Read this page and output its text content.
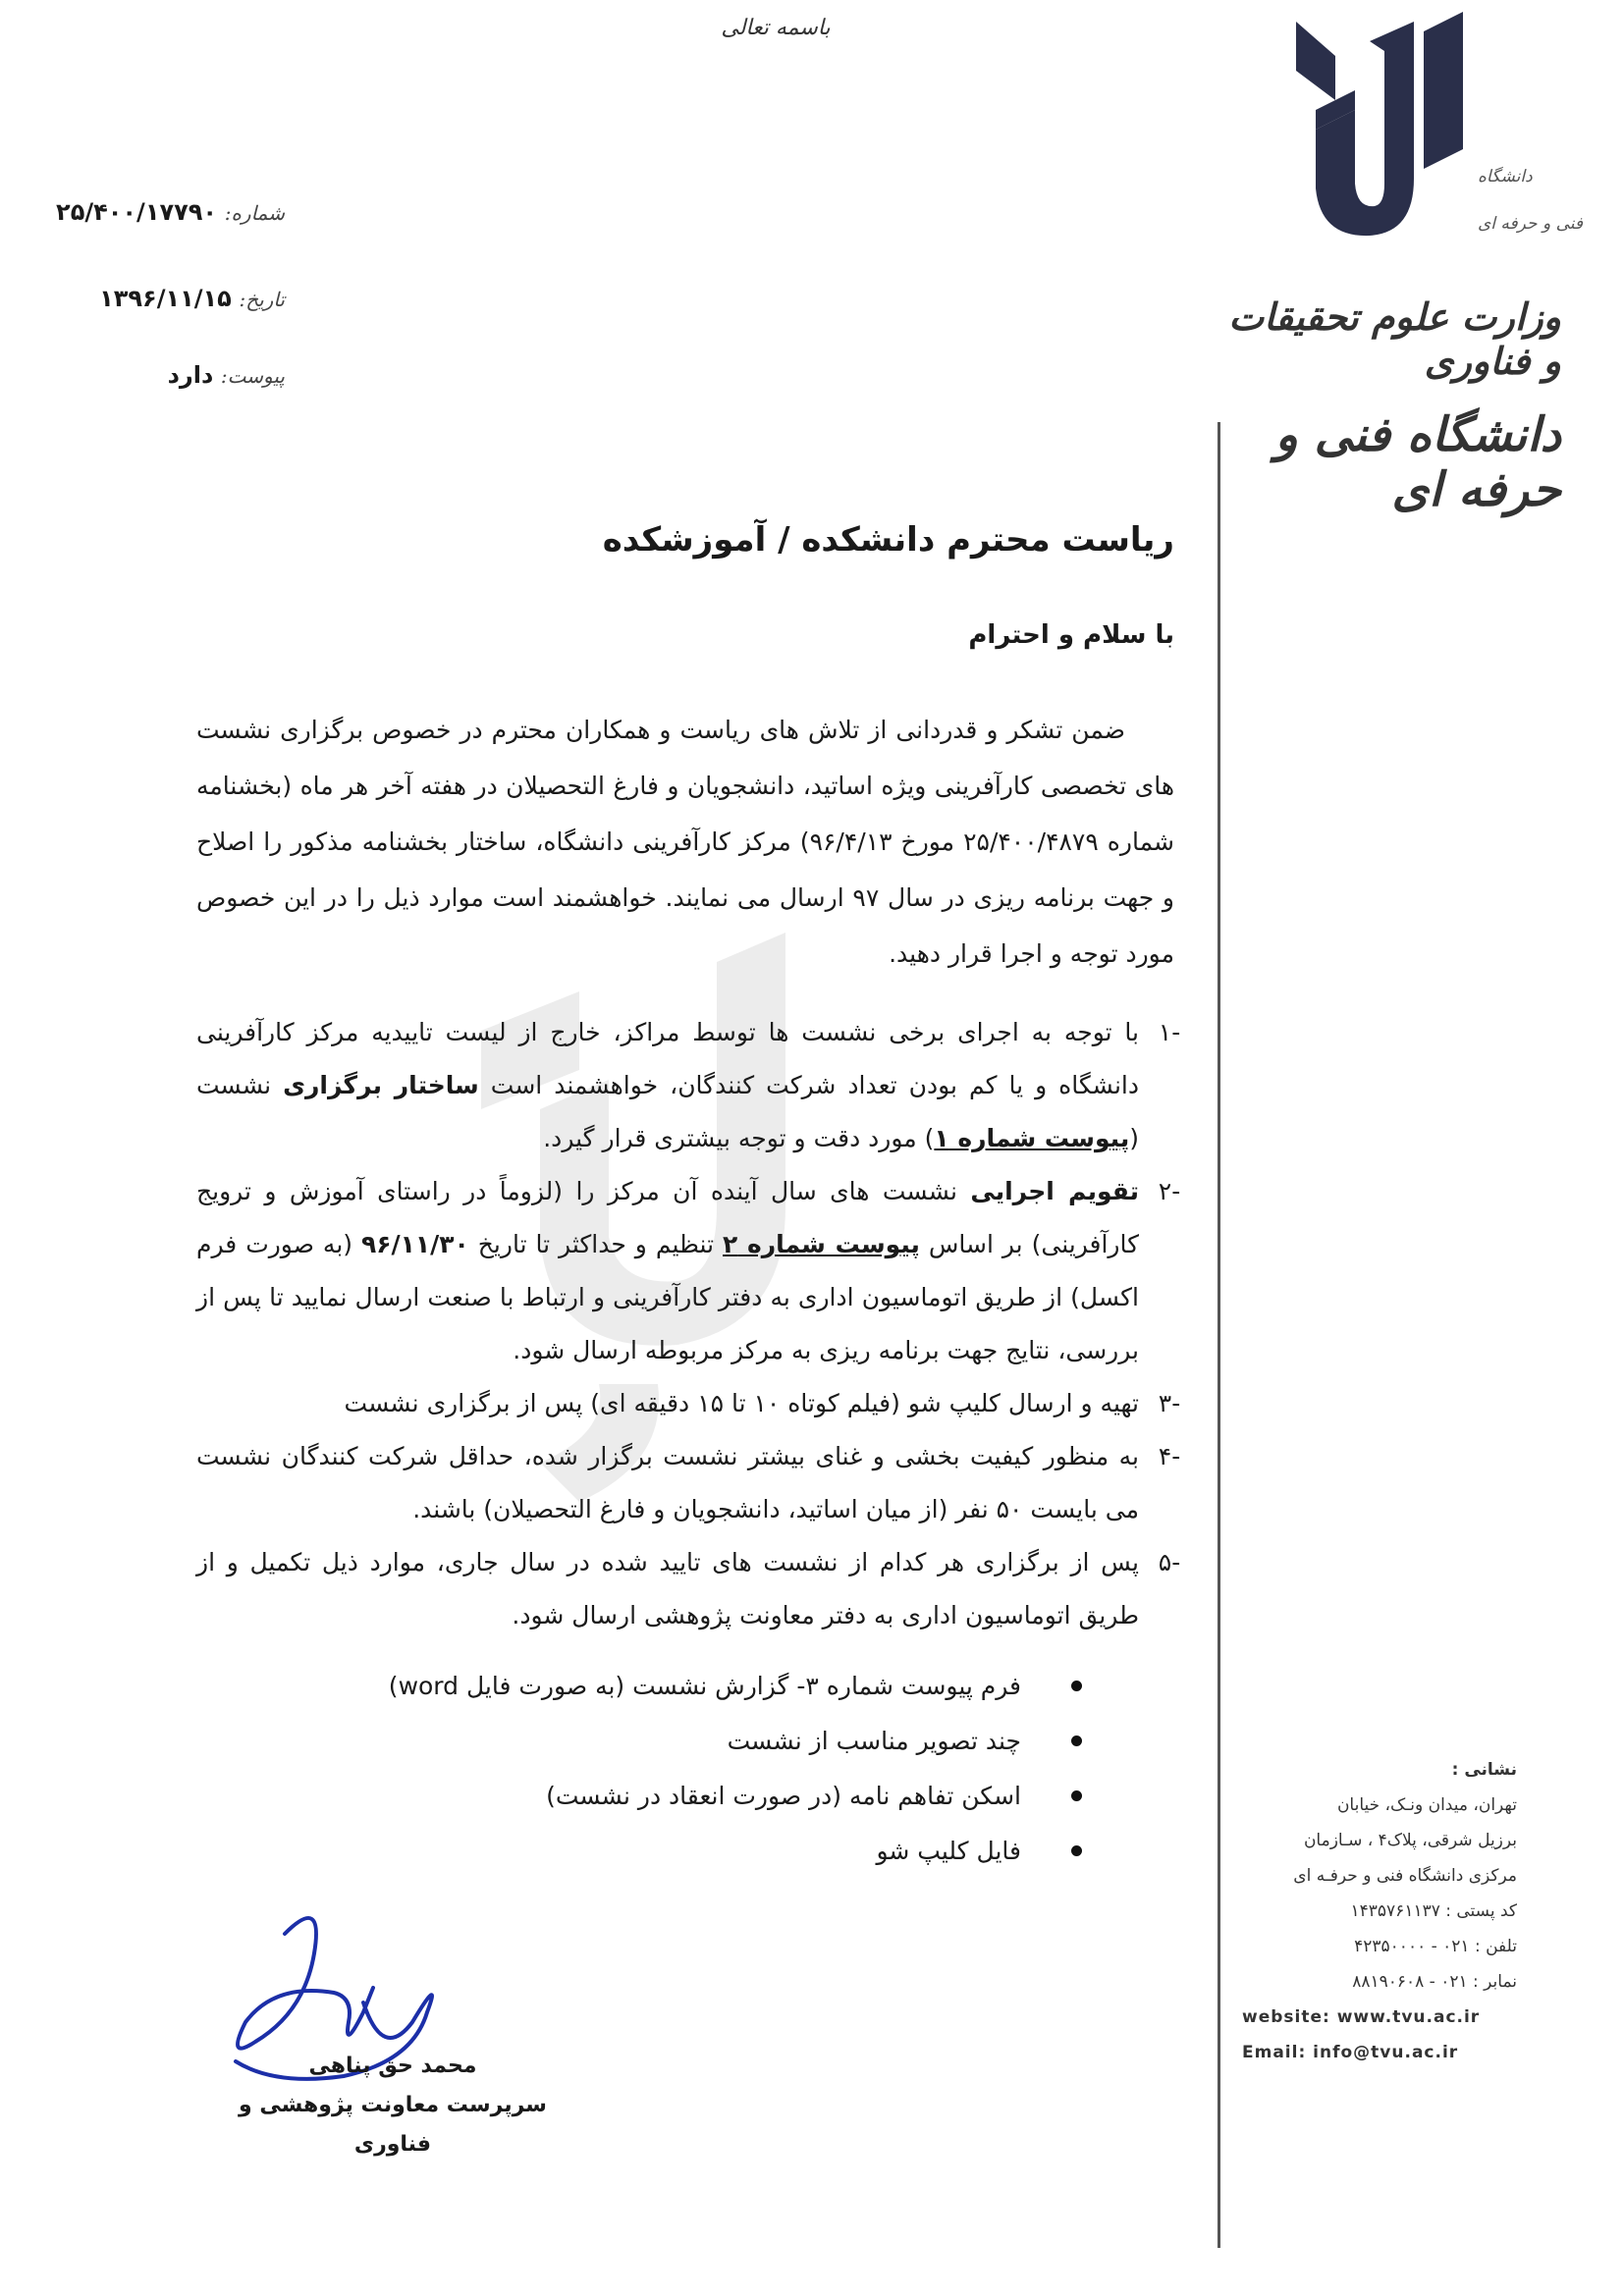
باسمه تعالی
دانشگاه
فنی و حرفه ای
وزارت علوم تحقیقات و فناوری
دانشگاه فنی و حرفه ای
شماره: ۲۵/۴۰۰/۱۷۷۹۰
تاریخ: ۱۳۹۶/۱۱/۱۵
پیوست: دارد
ریاست محترم دانشکده / آموزشکده
با سلام و احترام
ضمن تشکر و قدردانی از تلاش های ریاست و همکاران محترم در خصوص برگزاری نشست های تخصصی کارآفرینی ویژه اساتید، دانشجویان و فارغ التحصیلان در هفته آخر هر ماه (بخشنامه شماره ۲۵/۴۰۰/۴۸۷۹ مورخ ۹۶/۴/۱۳) مرکز کارآفرینی دانشگاه، ساختار بخشنامه مذکور را اصلاح و جهت برنامه ریزی در سال ۹۷ ارسال می نمایند. خواهشمند است موارد ذیل را در این خصوص مورد توجه و اجرا قرار دهید.
-۱
با توجه به اجرای برخی نشست ها توسط مراکز، خارج از لیست تاییدیه مرکز کارآفرینی دانشگاه و یا کم بودن تعداد شرکت کنندگان، خواهشمند است ساختار برگزاری نشست (پیوست شماره ۱) مورد دقت و توجه بیشتری قرار گیرد.
-۲
تقویم اجرایی نشست های سال آینده آن مرکز را (لزوماً در راستای آموزش و ترویج کارآفرینی) بر اساس پیوست شماره ۲ تنظیم و حداکثر تا تاریخ ۹۶/۱۱/۳۰ (به صورت فرم اکسل) از طریق اتوماسیون اداری به دفتر کارآفرینی و ارتباط با صنعت ارسال نمایید تا پس از بررسی، نتایج جهت برنامه ریزی به مرکز مربوطه ارسال شود.
-۳
تهیه و ارسال کلیپ شو (فیلم کوتاه ۱۰ تا ۱۵ دقیقه ای) پس از برگزاری نشست
-۴
به منظور کیفیت بخشی و غنای بیشتر نشست برگزار شده، حداقل شرکت کنندگان نشست می بایست ۵۰ نفر (از میان اساتید، دانشجویان و فارغ التحصیلان) باشند.
-۵
پس از برگزاری هر کدام از نشست های تایید شده در سال جاری، موارد ذیل تکمیل و از طریق اتوماسیون اداری به دفتر معاونت پژوهشی ارسال شود.
فرم پیوست شماره ۳- گزارش نشست (به صورت فایل word)
چند تصویر مناسب از نشست
اسکن تفاهم نامه (در صورت انعقاد در نشست)
فایل کلیپ شو
محمد حق پناهی
سرپرست معاونت پژوهشی و فناوری
نشانی :
تهران، میدان ونـک، خیابان
برزیل شرقی، پلاک۴ ، سـازمان
مرکزی دانشگاه فنی و حرفـه ای
کد پستی : ۱۴۳۵۷۶۱۱۳۷
تلفن : ۰۲۱ - ۴۲۳۵۰۰۰۰
نمابر : ۰۲۱ - ۸۸۱۹۰۶۰۸
website: www.tvu.ac.ir
Email: info@tvu.ac.ir
